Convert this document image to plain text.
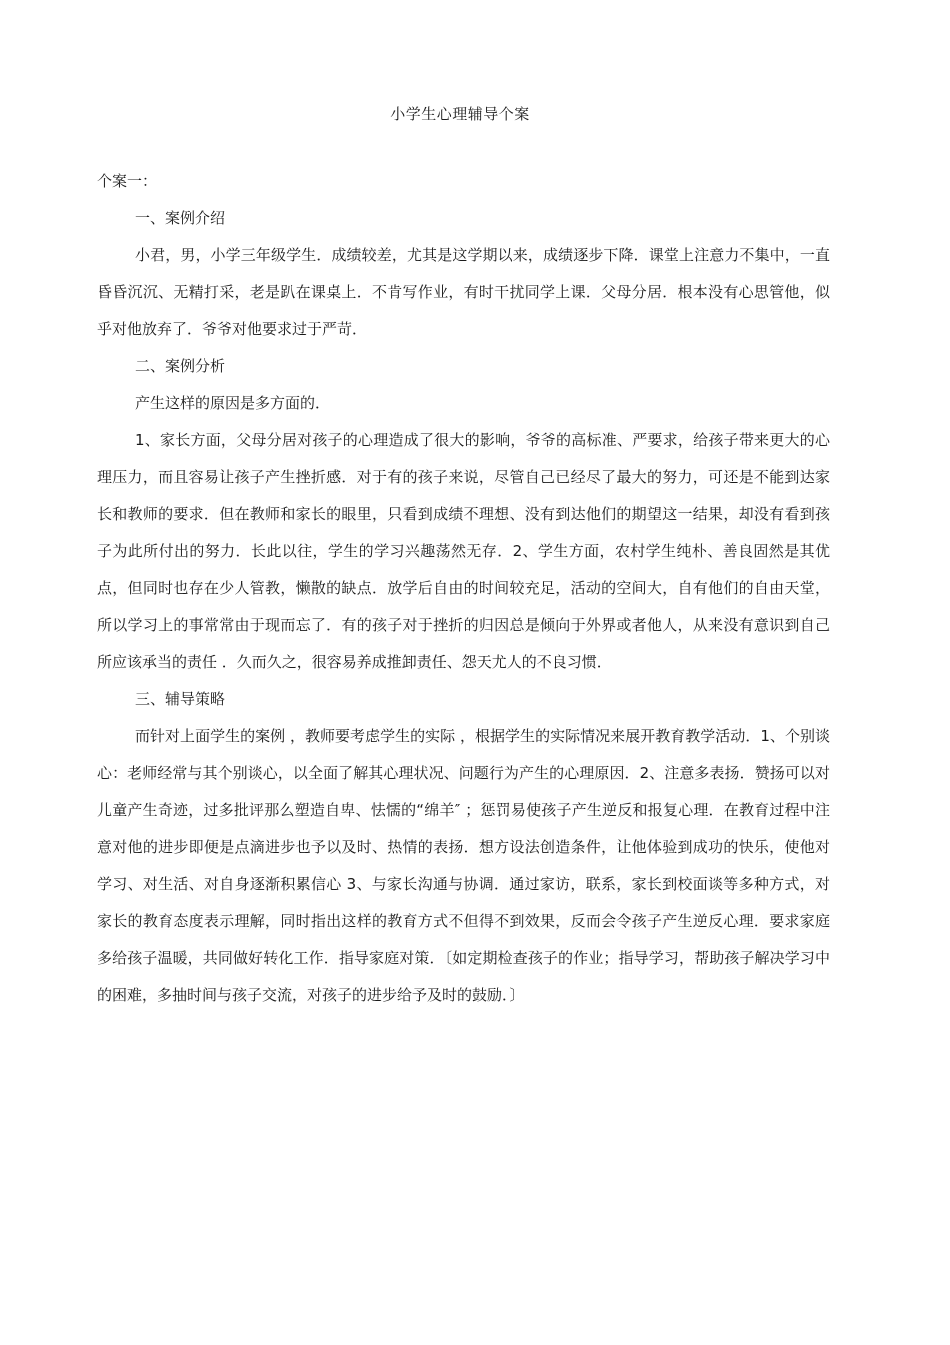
小学生心理辅导个案

个案一：

一、案例介绍

小君，男，小学三年级学生．成绩较差，尤其是这学期以来，成绩逐步下降．课堂上注意力不集中，一直昏昏沉沉、无精打采，老是趴在课桌上．不肯写作业，有时干扰同学上课．父母分居．根本没有心思管他，似乎对他放弃了．爷爷对他要求过于严苛．

二、案例分析

产生这样的原因是多方面的．

1、家长方面，父母分居对孩子的心理造成了很大的影响，爷爷的高标准、严要求，给孩子带来更大的心理压力，而且容易让孩子产生挫折感．对于有的孩子来说，尽管自己已经尽了最大的努力，可还是不能到达家长和教师的要求．但在教师和家长的眼里，只看到成绩不理想、没有到达他们的期望这一结果，却没有看到孩子为此所付出的努力．长此以往，学生的学习兴趣荡然无存．2、学生方面，农村学生纯朴、善良固然是其优点，但同时也存在少人管教，懒散的缺点．放学后自由的时间较充足，活动的空间大，自有他们的自由天堂，所以学习上的事常常由于现而忘了．有的孩子对于挫折的归因总是倾向于外界或者他人，从来没有意识到自己所应该承当的责任 ．久而久之，很容易养成推卸责任、怨天尤人的不良习惯．

三、辅导策略

而针对上面学生的案例 ，教师要考虑学生的实际 ，根据学生的实际情况来展开教育教学活动．1、个别谈心：老师经常与其个别谈心，以全面了解其心理状况、问题行为产生的心理原因．2、注意多表扬．赞扬可以对儿童产生奇迹，过多批评那么塑造自卑、怯懦的“绵羊″ ；惩罚易使孩子产生逆反和报复心理．在教育过程中注意对他的进步即便是点滴进步也予以及时、热情的表扬．想方设法创造条件，让他体验到成功的快乐，使他对学习、对生活、对自身逐渐积累信心 3、与家长沟通与协调．通过家访，联系，家长到校面谈等多种方式，对家长的教育态度表示理解，同时指出这样的教育方式不但得不到效果，反而会令孩子产生逆反心理．要求家庭多给孩子温暖，共同做好转化工作．指导家庭对策．〔如定期检查孩子的作业；指导学习，帮助孩子解决学习中的困难，多抽时间与孩子交流，对孩子的进步给予及时的鼓励．〕
